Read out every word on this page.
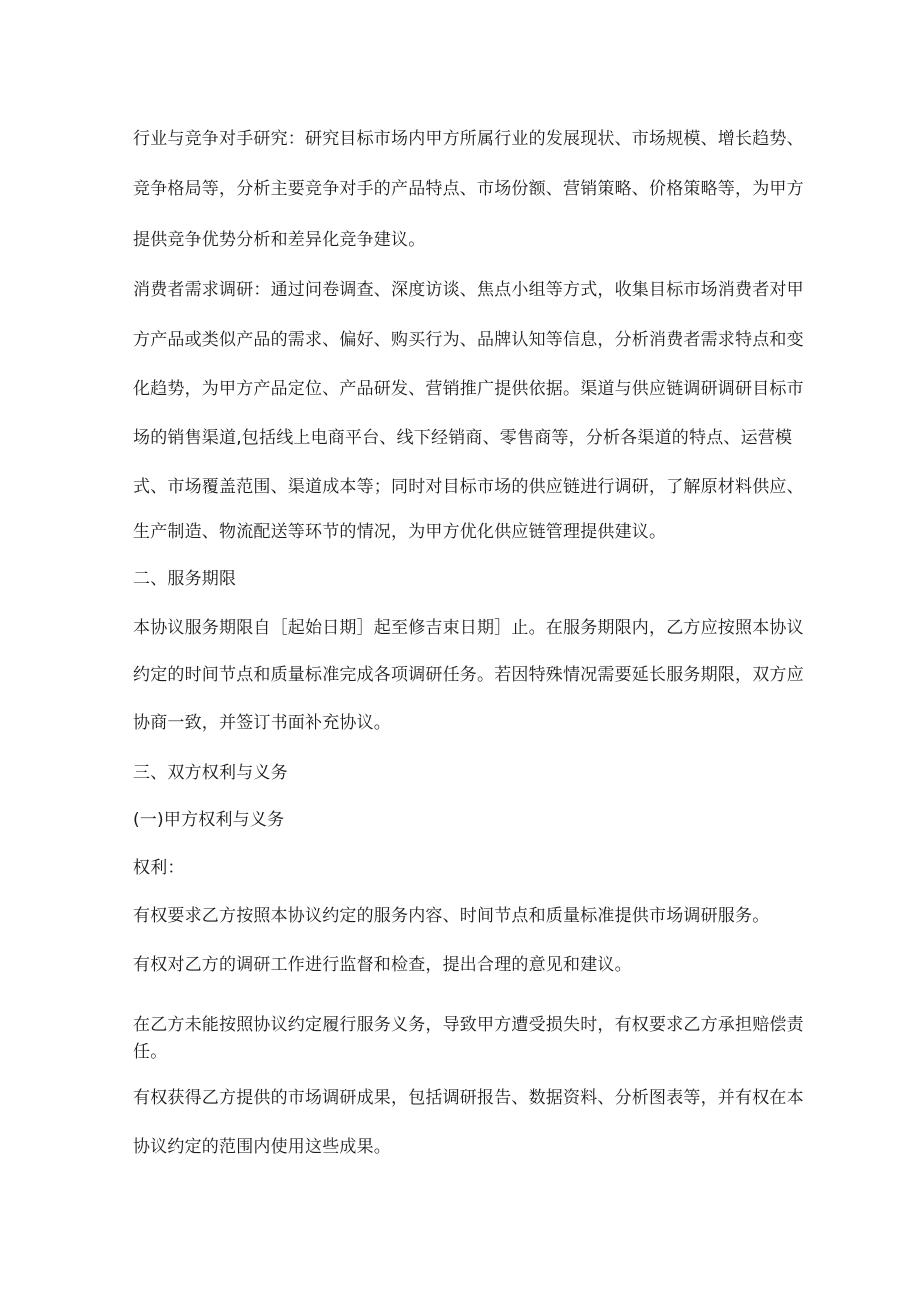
行业与竞争对手研究：研究目标市场内甲方所属行业的发展现状、市场规模、增长趋势、
竞争格局等，分析主要竞争对手的产品特点、市场份额、营销策略、价格策略等，为甲方
提供竞争优势分析和差异化竞争建议。
消费者需求调研：通过问卷调查、深度访谈、焦点小组等方式，收集目标市场消费者对甲
方产品或类似产品的需求、偏好、购买行为、品牌认知等信息，分析消费者需求特点和变
化趋势，为甲方产品定位、产品研发、营销推广提供依据。渠道与供应链调研调研目标市
场的销售渠道,包括线上电商平台、线下经销商、零售商等，分析各渠道的特点、运营模
式、市场覆盖范围、渠道成本等；同时对目标市场的供应链进行调研，了解原材料供应、
生产制造、物流配送等环节的情况，为甲方优化供应链管理提供建议。
二、服务期限
本协议服务期限自［起始日期］起至修吉束日期］止。在服务期限内，乙方应按照本协议
约定的时间节点和质量标准完成各项调研任务。若因特殊情况需要延长服务期限，双方应
协商一致，并签订书面补充协议。
三、双方权利与义务
(一)甲方权利与义务
权利：
有权要求乙方按照本协议约定的服务内容、时间节点和质量标准提供市场调研服务。
有权对乙方的调研工作进行监督和检查，提出合理的意见和建议。
在乙方未能按照协议约定履行服务义务，导致甲方遭受损失时，有权要求乙方承担赔偿责
任。
有权获得乙方提供的市场调研成果，包括调研报告、数据资料、分析图表等，并有权在本
协议约定的范围内使用这些成果。
